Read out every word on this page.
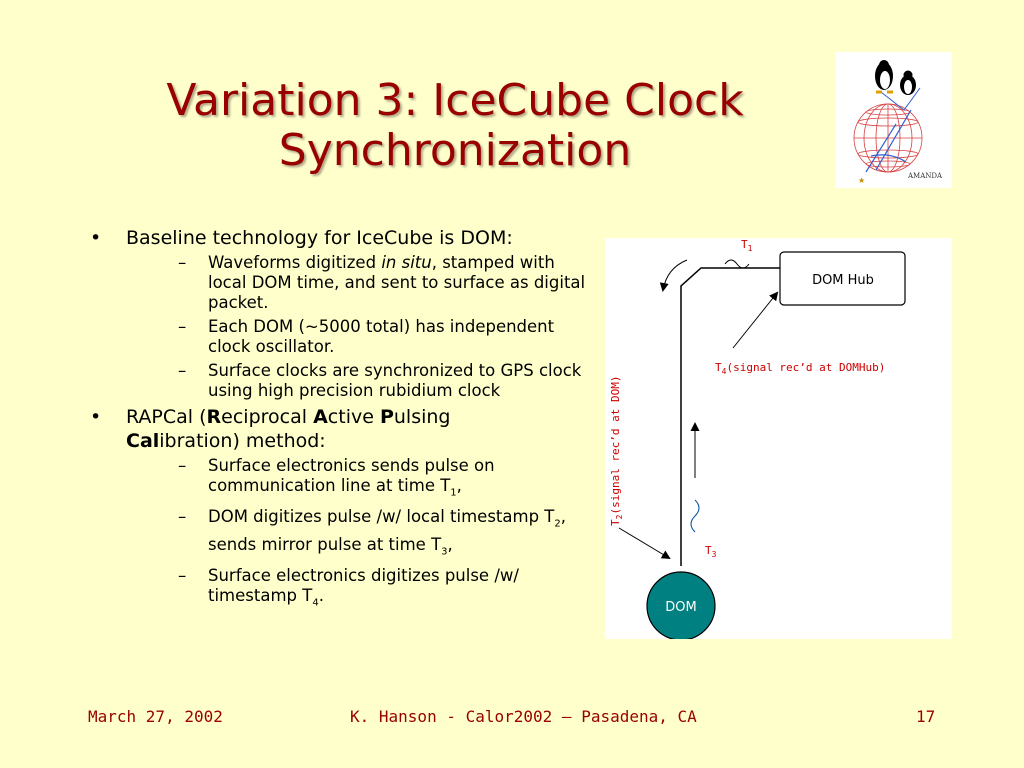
Variation 3: IceCube Clock
Synchronization
★	AMANDA
• Baseline technology for IceCube is DOM:
– Waveforms digitized in situ, stamped with local DOM time, and sent to surface as digital packet.
– Each DOM (~5000 total) has independent clock oscillator.
– Surface clocks are synchronized to GPS clock using high precision rubidium clock
• RAPCal (Reciprocal Active Pulsing
Calibration) method:
– Surface electronics sends pulse on communication line at time $T_1$,
– DOM digitizes pulse /w/ local timestamp $T_2$, sends mirror pulse at time $T_3$,
– Surface electronics digitizes pulse /w/ timestamp $T_4$.
DOM Hub
DOM
$T_1$
$T_3$
$T_4(signal$ rec’d at DOMHub)
$T_2(signal$ rec’d at DOM)
March 27, 2002	K. Hanson - Calor2002 – Pasadena, CA	17
